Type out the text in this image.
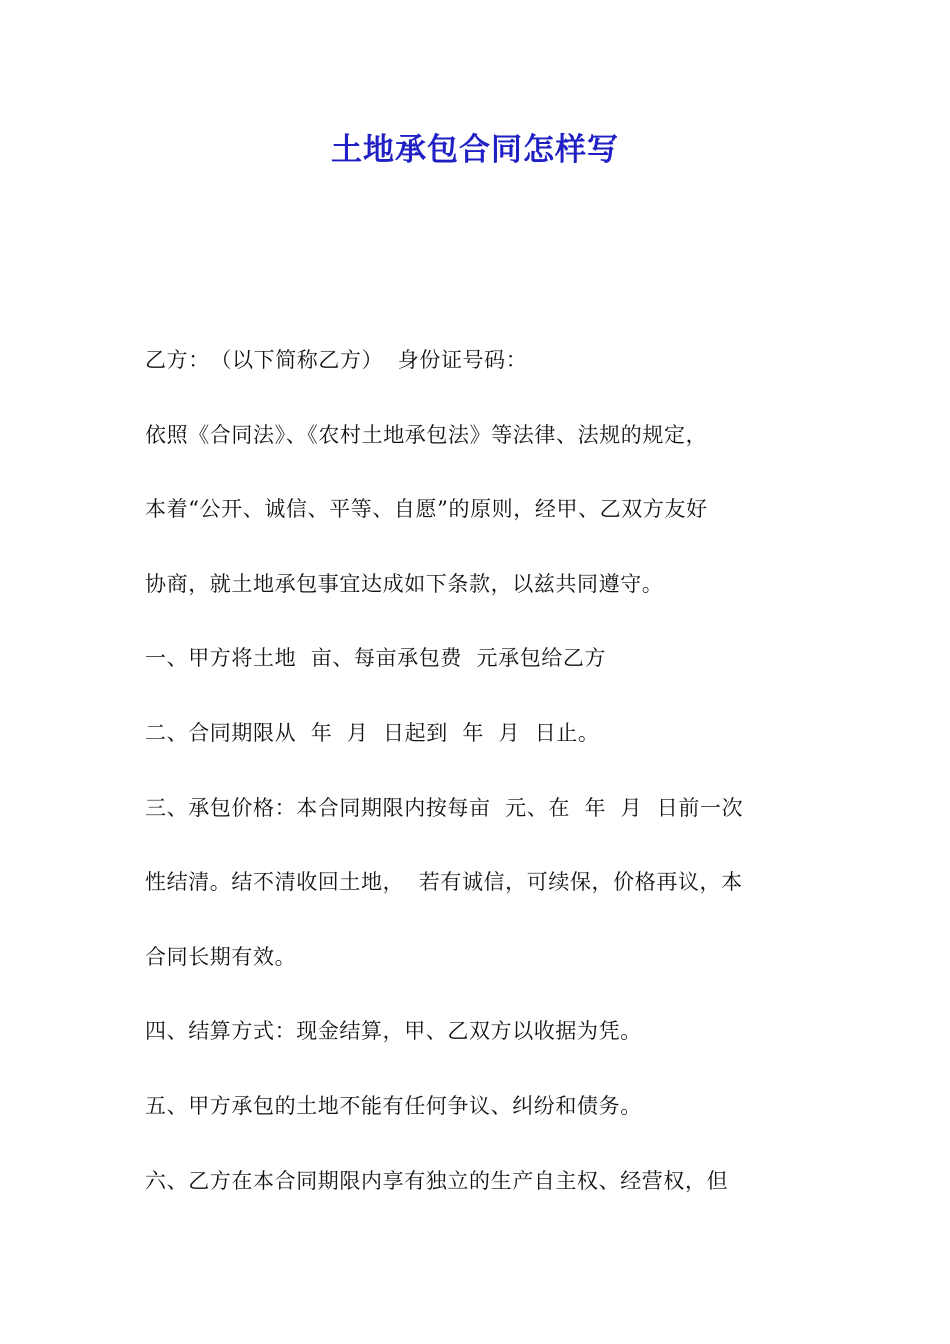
土地承包合同怎样写
乙方：　（以下简称乙方）  身份证号码：
依照《合同法》、《农村土地承包法》等法律、法规的规定，
本着“公开、诚信、平等、自愿”的原则，经甲、乙双方友好
协商，就土地承包事宜达成如下条款，以兹共同遵守。
一、甲方将土地  亩、每亩承包费  元承包给乙方
二、合同期限从  年  月  日起到  年  月  日止。
三、承包价格：本合同期限内按每亩  元、在  年  月  日前一次
性结清。结不清收回土地，  若有诚信，可续保，价格再议，本
合同长期有效。
四、结算方式：现金结算，甲、乙双方以收据为凭。
五、甲方承包的土地不能有任何争议、纠纷和债务。
六、乙方在本合同期限内享有独立的生产自主权、经营权，但
